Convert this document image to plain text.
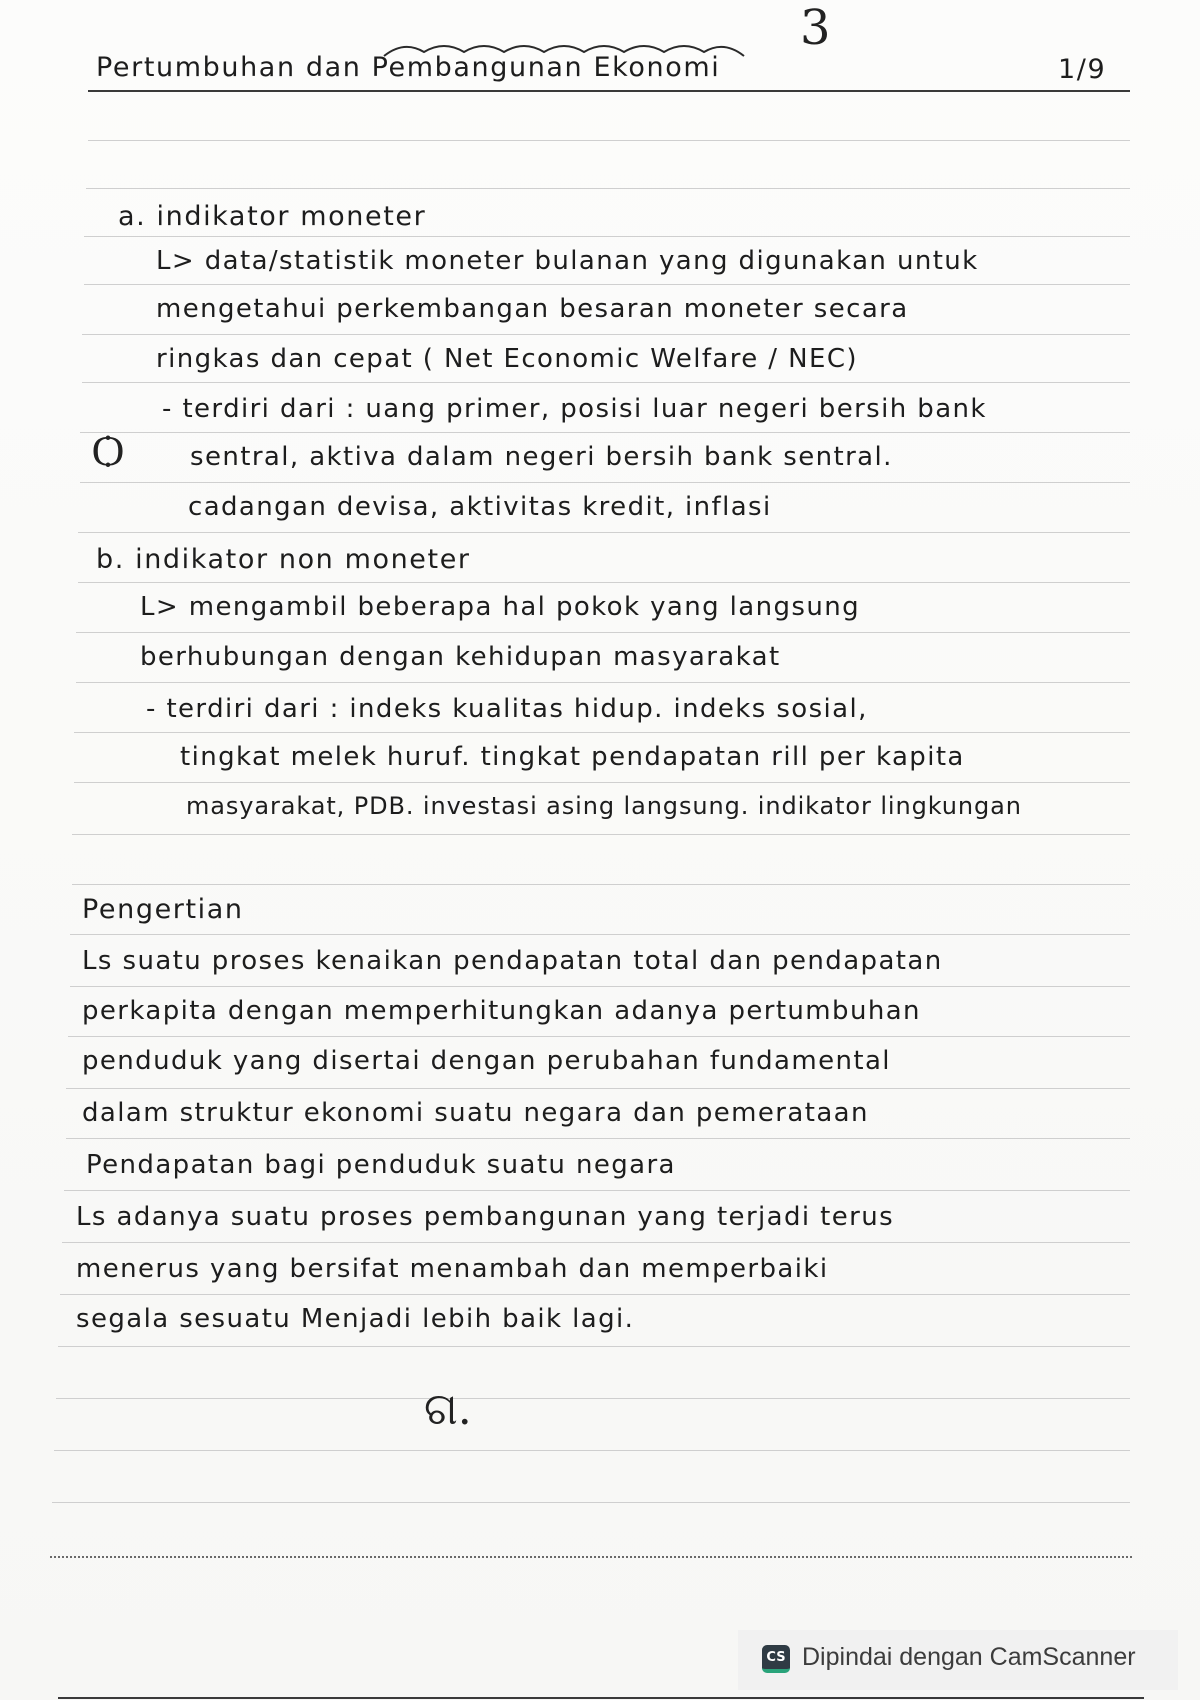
3
Pertumbuhan dan Pembangunan Ekonomi	1/9
a. indikator moneter
L> data/statistik moneter bulanan yang digunakan untuk
mengetahui perkembangan besaran moneter secara
ringkas dan cepat ( Net Economic Welfare / NEC)
- terdiri dari : uang primer, posisi luar negeri bersih bank
sentral, aktiva dalam negeri bersih bank sentral.
cadangan devisa, aktivitas kredit, inflasi
Ѻ
b. indikator non moneter
L> mengambil beberapa hal pokok yang langsung
berhubungan dengan kehidupan masyarakat
- terdiri dari : indeks kualitas hidup. indeks sosial,
tingkat melek huruf. tingkat pendapatan rill per kapita
masyarakat, PDB. investasi asing langsung. indikator lingkungan
Pengertian
Ls suatu proses kenaikan pendapatan total dan pendapatan
perkapita dengan memperhitungkan adanya pertumbuhan
penduduk yang disertai dengan perubahan fundamental
dalam struktur ekonomi suatu negara dan pemerataan
Pendapatan bagi penduduk suatu negara
Ls adanya suatu proses pembangunan yang terjadi terus
menerus yang bersifat menambah dan memperbaiki
segala sesuatu Menjadi lebih baik lagi.
ଗ.
CS Dipindai dengan CamScanner
